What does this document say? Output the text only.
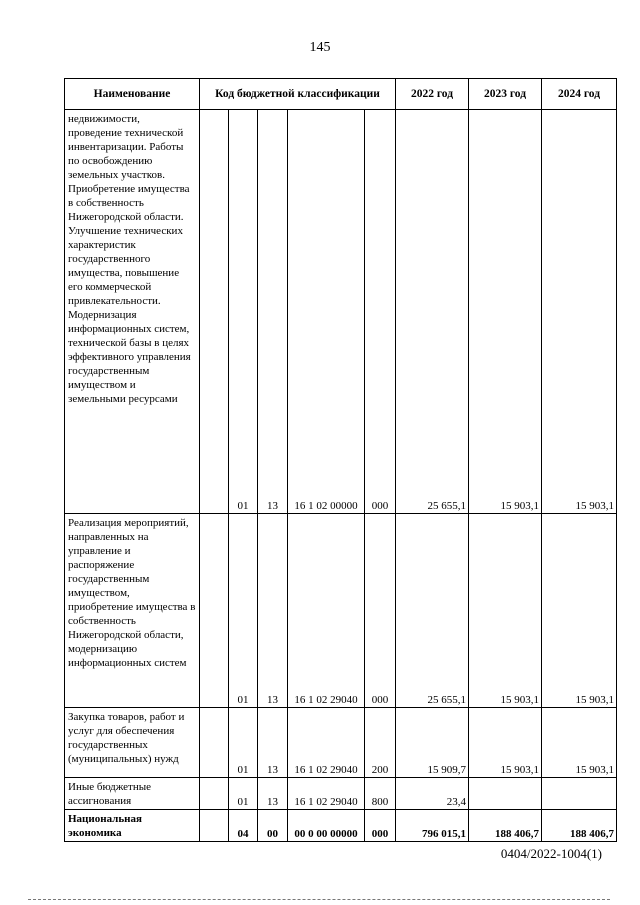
145
Наименование	Код бюджетной классификации					2022 год	2023 год	2024 год
недвижимости, проведение технической инвентаризации. Работы по освобождению земельных участков. Приобретение имущества в собственность Нижегородской области. Улучшение технических характеристик государственного имущества, повышение его коммерческой привлекательности. Модернизация информационных систем, технической базы в целях эффективного управления государственным имуществом и земельными ресурсами		01	13	16 1 02 00000	000	25 655,1	15 903,1	15 903,1
Реализация мероприятий, направленных на управление и распоряжение государственным имуществом, приобретение имущества в собственность Нижегородской области, модернизацию информационных систем		01	13	16 1 02 29040	000	25 655,1	15 903,1	15 903,1
Закупка товаров, работ и услуг для обеспечения государственных (муниципальных) нужд		01	13	16 1 02 29040	200	15 909,7	15 903,1	15 903,1
Иные бюджетные ассигнования		01	13	16 1 02 29040	800	23,4		
Национальная экономика		04	00	00 0 00 00000	000	796 015,1	188 406,7	188 406,7
0404/2022-1004(1)
